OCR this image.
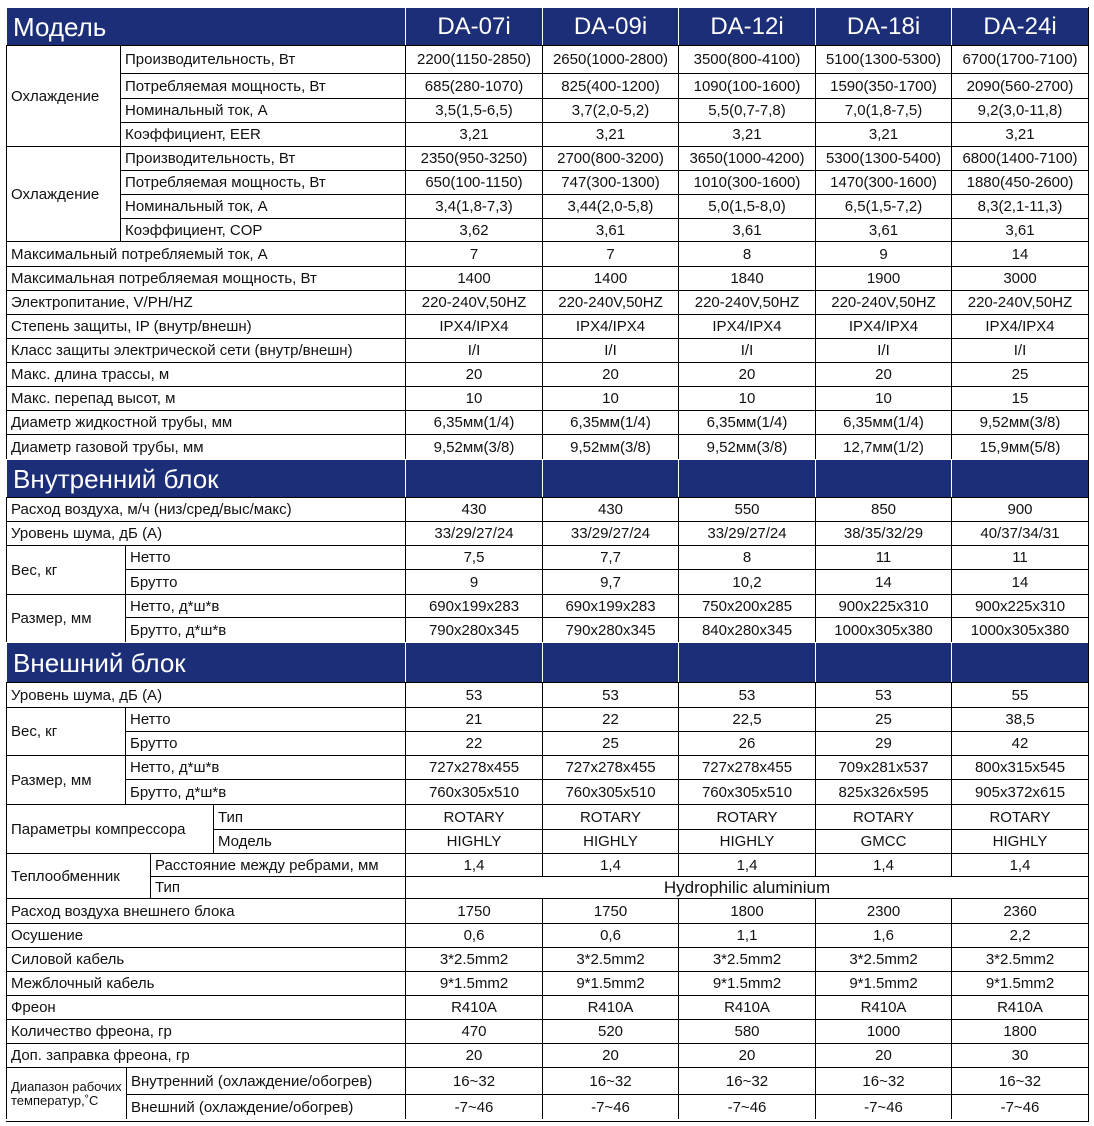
Модель	DA-07i	DA-09i	DA-12i	DA-18i	DA-24i
Охлаждение
Производительность, Вт	2200(1150-2850)	2650(1000-2800)	3500(800-4100)	5100(1300-5300)	6700(1700-7100)
Потребляемая мощность, Вт	685(280-1070)	825(400-1200)	1090(100-1600)	1590(350-1700)	2090(560-2700)
Номинальный ток, А	3,5(1,5-6,5)	3,7(2,0-5,2)	5,5(0,7-7,8)	7,0(1,8-7,5)	9,2(3,0-11,8)
Коэффициент, EER	3,21	3,21	3,21	3,21	3,21
Охлаждение
Производительность, Вт	2350(950-3250)	2700(800-3200)	3650(1000-4200)	5300(1300-5400)	6800(1400-7100)
Потребляемая мощность, Вт	650(100-1150)	747(300-1300)	1010(300-1600)	1470(300-1600)	1880(450-2600)
Номинальный ток, А	3,4(1,8-7,3)	3,44(2,0-5,8)	5,0(1,5-8,0)	6,5(1,5-7,2)	8,3(2,1-11,3)
Коэффициент, COP	3,62	3,61	3,61	3,61	3,61
Максимальный потребляемый ток, А	7	7	8	9	14
Максимальная потребляемая мощность, Вт	1400	1400	1840	1900	3000
Электропитание, V/PH/HZ	220-240V,50HZ	220-240V,50HZ	220-240V,50HZ	220-240V,50HZ	220-240V,50HZ
Степень защиты, IP (внутр/внешн)	IPX4/IPX4	IPX4/IPX4	IPX4/IPX4	IPX4/IPX4	IPX4/IPX4
Класс защиты электрической сети (внутр/внешн)	I/I	I/I	I/I	I/I	I/I
Макс. длина трассы, м	20	20	20	20	25
Макс. перепад высот, м	10	10	10	10	15
Диаметр жидкостной трубы, мм	6,35мм(1/4)	6,35мм(1/4)	6,35мм(1/4)	6,35мм(1/4)	9,52мм(3/8)
Диаметр газовой трубы, мм	9,52мм(3/8)	9,52мм(3/8)	9,52мм(3/8)	12,7мм(1/2)	15,9мм(5/8)
Внутренний блок
Расход воздуха, м/ч (низ/сред/выс/макс)	430	430	550	850	900
Уровень шума, дБ (А)	33/29/27/24	33/29/27/24	33/29/27/24	38/35/32/29	40/37/34/31
Вес, кг
Нетто	7,5	7,7	8	11	11
Брутто	9	9,7	10,2	14	14
Размер, мм
Нетто, д*ш*в	690x199x283	690x199x283	750x200x285	900x225x310	900x225x310
Брутто, д*ш*в	790x280x345	790x280x345	840x280x345	1000x305x380	1000x305x380
Внешний блок
Уровень шума, дБ (А)	53	53	53	53	55
Вес, кг
Нетто	21	22	22,5	25	38,5
Брутто	22	25	26	29	42
Размер, мм
Нетто, д*ш*в	727x278x455	727x278x455	727x278x455	709x281x537	800x315x545
Брутто, д*ш*в	760x305x510	760x305x510	760x305x510	825x326x595	905x372x615
Параметры компрессора
Тип	ROTARY	ROTARY	ROTARY	ROTARY	ROTARY
Модель	HIGHLY	HIGHLY	HIGHLY	GMCC	HIGHLY
Теплообменник
Расстояние между ребрами, мм	1,4	1,4	1,4	1,4	1,4
Тип	Hydrophilic aluminium
Расход воздуха внешнего блока	1750	1750	1800	2300	2360
Осушение	0,6	0,6	1,1	1,6	2,2
Силовой кабель	3*2.5mm2	3*2.5mm2	3*2.5mm2	3*2.5mm2	3*2.5mm2
Межблочный кабель	9*1.5mm2	9*1.5mm2	9*1.5mm2	9*1.5mm2	9*1.5mm2
Фреон	R410A	R410A	R410A	R410A	R410A
Количество фреона, гр	470	520	580	1000	1800
Доп. заправка фреона, гр	20	20	20	20	30
Диапазон рабочих температур,˚С
Внутренний (охлаждение/обогрев)	16~32	16~32	16~32	16~32	16~32
Внешний (охлаждение/обогрев)	-7~46	-7~46	-7~46	-7~46	-7~46
